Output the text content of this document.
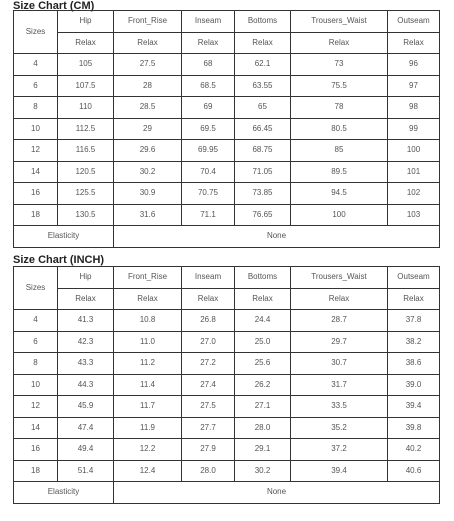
Size Chart (CM)
Sizes	Hip	Front_Rise	Inseam	Bottoms	Trousers_Waist	Outseam
	Relax	Relax	Relax	Relax	Relax	Relax
4	105	27.5	68	62.1	73	96
6	107.5	28	68.5	63.55	75.5	97
8	110	28.5	69	65	78	98
10	112.5	29	69.5	66.45	80.5	99
12	116.5	29.6	69.95	68.75	85	100
14	120.5	30.2	70.4	71.05	89.5	101
16	125.5	30.9	70.75	73.85	94.5	102
18	130.5	31.6	71.1	76.65	100	103
Elasticity		None				
Size Chart (INCH)
Sizes	Hip	Front_Rise	Inseam	Bottoms	Trousers_Waist	Outseam
	Relax	Relax	Relax	Relax	Relax	Relax
4	41.3	10.8	26.8	24.4	28.7	37.8
6	42.3	11.0	27.0	25.0	29.7	38.2
8	43.3	11.2	27.2	25.6	30.7	38.6
10	44.3	11.4	27.4	26.2	31.7	39.0
12	45.9	11.7	27.5	27.1	33.5	39.4
14	47.4	11.9	27.7	28.0	35.2	39.8
16	49.4	12.2	27.9	29.1	37.2	40.2
18	51.4	12.4	28.0	30.2	39.4	40.6
Elasticity		None				
